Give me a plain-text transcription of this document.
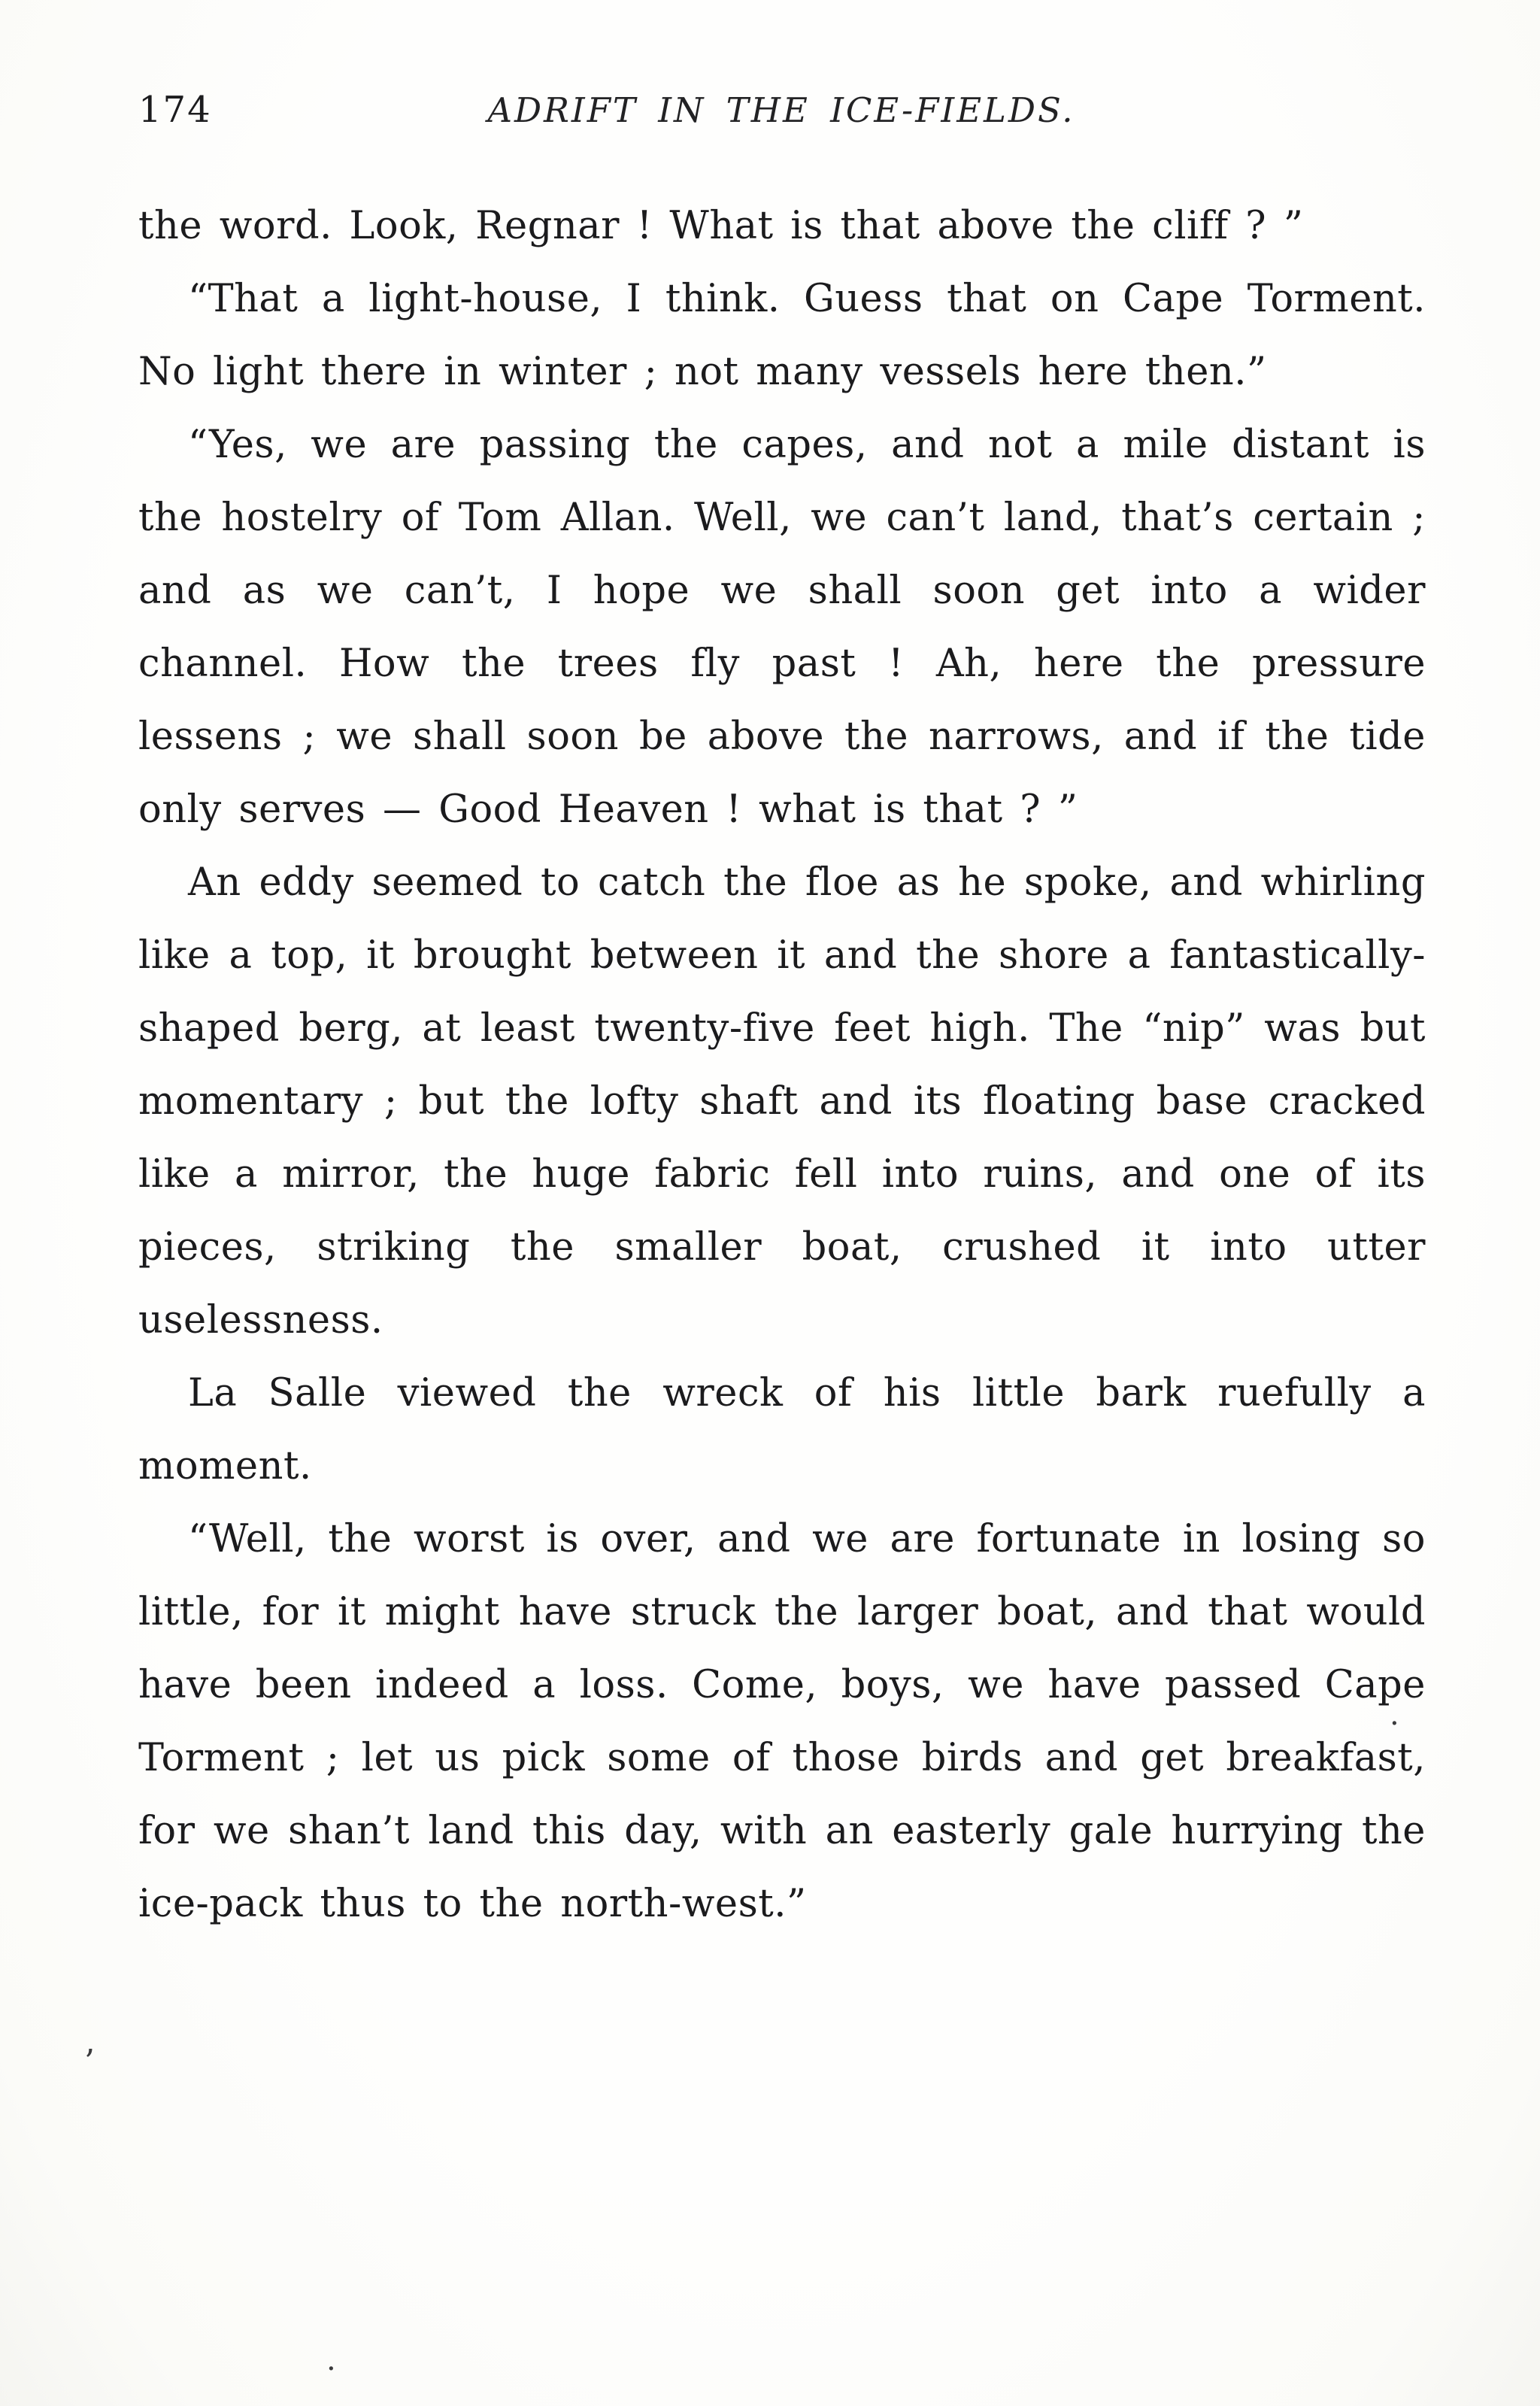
174	ADRIFT IN THE ICE-FIELDS.

the word. Look, Regnar ! What is that above the cliff ? ”

“That a light-house, I think. Guess that on Cape Torment. No light there in winter ; not many vessels here then.”

“Yes, we are passing the capes, and not a mile distant is the hostelry of Tom Allan. Well, we can’t land, that’s certain ; and as we can’t, I hope we shall soon get into a wider channel. How the trees fly past ! Ah, here the pressure lessens ; we shall soon be above the narrows, and if the tide only serves — Good Heaven ! what is that ? ”

An eddy seemed to catch the floe as he spoke, and whirling like a top, it brought between it and the shore a fantastically-shaped berg, at least twenty-five feet high. The “nip” was but momentary ; but the lofty shaft and its floating base cracked like a mirror, the huge fabric fell into ruins, and one of its pieces, striking the smaller boat, crushed it into utter uselessness.

La Salle viewed the wreck of his little bark ruefully a moment.

“Well, the worst is over, and we are fortunate in losing so little, for it might have struck the larger boat, and that would have been indeed a loss. Come, boys, we have passed Cape Torment ; let us pick some of those birds and get breakfast, for we shan’t land this day, with an easterly gale hurrying the ice-pack thus to the north-west.”

’
.
.
